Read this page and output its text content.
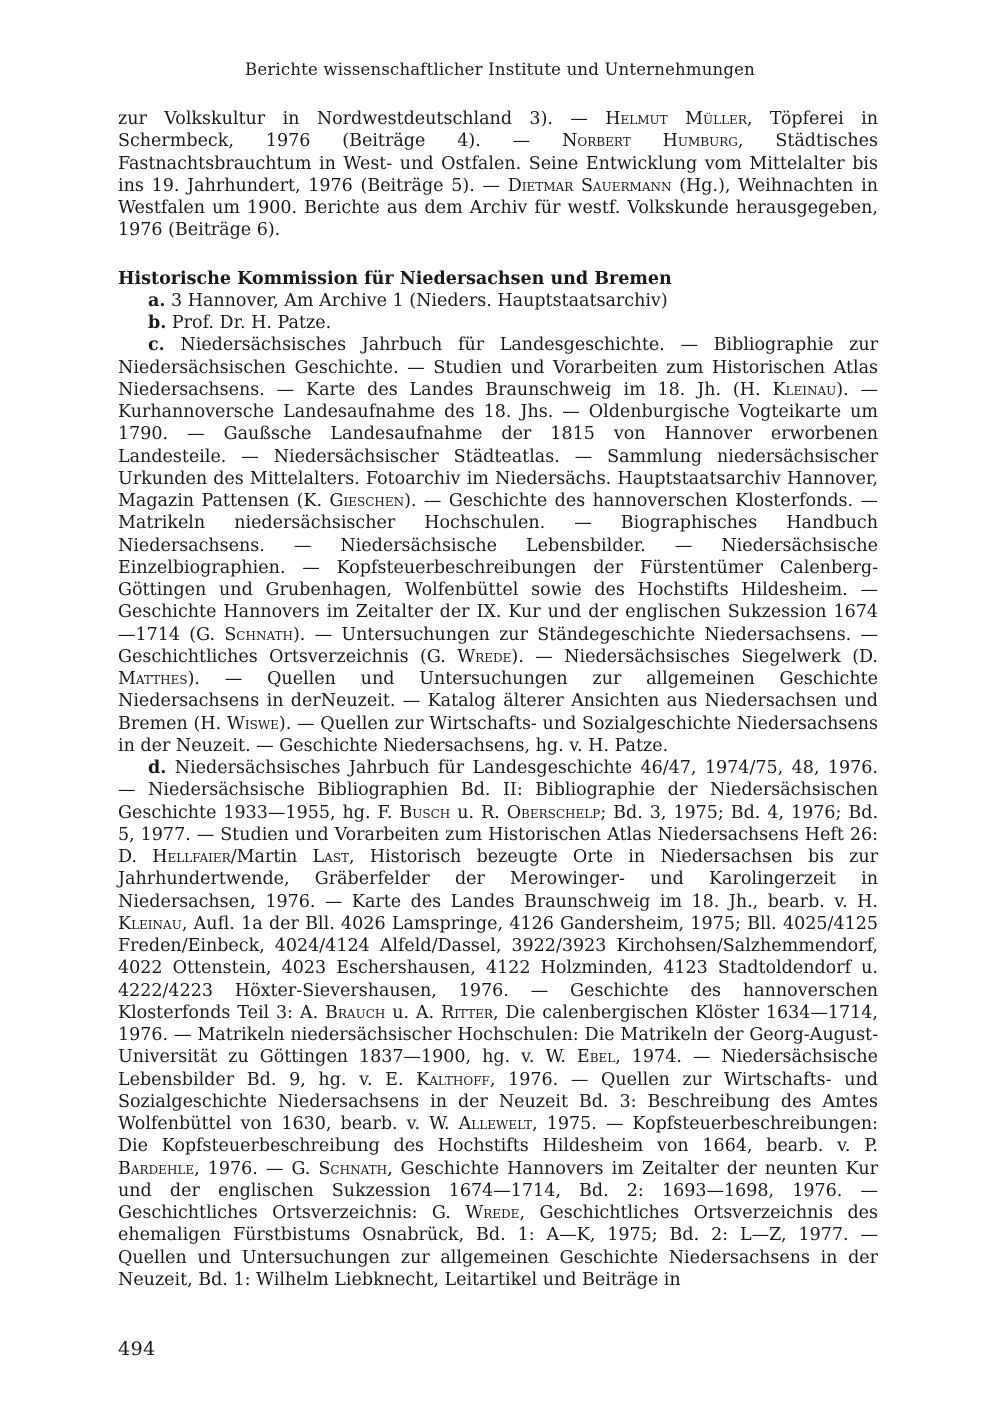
Berichte wissenschaftlicher Institute und Unternehmungen

zur Volkskultur in Nordwestdeutschland 3). — Helmut Müller, Töpferei in Schermbeck, 1976 (Beiträge 4). — Norbert Humburg, Städtisches Fastnachtsbrauchtum in West- und Ostfalen. Seine Entwicklung vom Mittelalter bis ins 19. Jahrhundert, 1976 (Beiträge 5). — Dietmar Sauermann (Hg.), Weihnachten in Westfalen um 1900. Berichte aus dem Archiv für westf. Volkskunde herausgegeben, 1976 (Beiträge 6).

Historische Kommission für Niedersachsen und Bremen

a. 3 Hannover, Am Archive 1 (Nieders. Hauptstaatsarchiv)

b. Prof. Dr. H. Patze.

c. Niedersächsisches Jahrbuch für Landesgeschichte. — Bibliographie zur Niedersächsischen Geschichte. — Studien und Vorarbeiten zum Historischen Atlas Niedersachsens. — Karte des Landes Braunschweig im 18. Jh. (H. Kleinau). — Kurhannoversche Landesaufnahme des 18. Jhs. — Oldenburgische Vogteikarte um 1790. — Gaußsche Landesaufnahme der 1815 von Hannover erworbenen Landesteile. — Niedersächsischer Städteatlas. — Sammlung niedersächsischer Urkunden des Mittelalters. Fotoarchiv im Niedersächs. Hauptstaatsarchiv Hannover, Magazin Pattensen (K. Gieschen). — Geschichte des hannoverschen Klosterfonds. — Matrikeln niedersächsischer Hochschulen. — Biographisches Handbuch Niedersachsens. — Niedersächsische Lebensbilder. — Niedersächsische Einzelbiographien. — Kopfsteuerbeschreibungen der Fürstentümer Calenberg-Göttingen und Grubenhagen, Wolfenbüttel sowie des Hochstifts Hildesheim. — Geschichte Hannovers im Zeitalter der IX. Kur und der englischen Sukzession 1674—1714 (G. Schnath). — Untersuchungen zur Ständegeschichte Niedersachsens. — Geschichtliches Ortsverzeichnis (G. Wrede). — Niedersächsisches Siegelwerk (D. Matthes). — Quellen und Untersuchungen zur allgemeinen Geschichte Niedersachsens in derNeuzeit. — Katalog älterer Ansichten aus Niedersachsen und Bremen (H. Wiswe). — Quellen zur Wirtschafts- und Sozialgeschichte Niedersachsens in der Neuzeit. — Geschichte Niedersachsens, hg. v. H. Patze.

d. Niedersächsisches Jahrbuch für Landesgeschichte 46/47, 1974/75, 48, 1976. — Niedersächsische Bibliographien Bd. II: Bibliographie der Niedersächsischen Geschichte 1933—1955, hg. F. Busch u. R. Oberschelp; Bd. 3, 1975; Bd. 4, 1976; Bd. 5, 1977. — Studien und Vorarbeiten zum Historischen Atlas Niedersachsens Heft 26: D. Hellfaier/Martin Last, Historisch bezeugte Orte in Niedersachsen bis zur Jahrhundertwende, Gräberfelder der Merowinger- und Karolingerzeit in Niedersachsen, 1976. — Karte des Landes Braunschweig im 18. Jh., bearb. v. H. Kleinau, Aufl. 1a der Bll. 4026 Lamspringe, 4126 Gandersheim, 1975; Bll. 4025/4125 Freden/Einbeck, 4024/4124 Alfeld/Dassel, 3922/3923 Kirchohsen/Salzhemmendorf, 4022 Ottenstein, 4023 Eschershausen, 4122 Holzminden, 4123 Stadtoldendorf u. 4222/4223 Höxter-Sievershausen, 1976. — Geschichte des hannoverschen Klosterfonds Teil 3: A. Brauch u. A. Ritter, Die calenbergischen Klöster 1634—1714, 1976. — Matrikeln niedersächsischer Hochschulen: Die Matrikeln der Georg-August-Universität zu Göttingen 1837—1900, hg. v. W. Ebel, 1974. — Niedersächsische Lebensbilder Bd. 9, hg. v. E. Kalthoff, 1976. — Quellen zur Wirtschafts- und Sozialgeschichte Niedersachsens in der Neuzeit Bd. 3: Beschreibung des Amtes Wolfenbüttel von 1630, bearb. v. W. Allewelt, 1975. — Kopfsteuerbeschreibungen: Die Kopfsteuerbeschreibung des Hochstifts Hildesheim von 1664, bearb. v. P. Bardehle, 1976. — G. Schnath, Geschichte Hannovers im Zeitalter der neunten Kur und der englischen Sukzession 1674—1714, Bd. 2: 1693—1698, 1976. — Geschichtliches Ortsverzeichnis: G. Wrede, Geschichtliches Ortsverzeichnis des ehemaligen Fürstbistums Osnabrück, Bd. 1: A—K, 1975; Bd. 2: L—Z, 1977. — Quellen und Untersuchungen zur allgemeinen Geschichte Niedersachsens in der Neuzeit, Bd. 1: Wilhelm Liebknecht, Leitartikel und Beiträge in

494
